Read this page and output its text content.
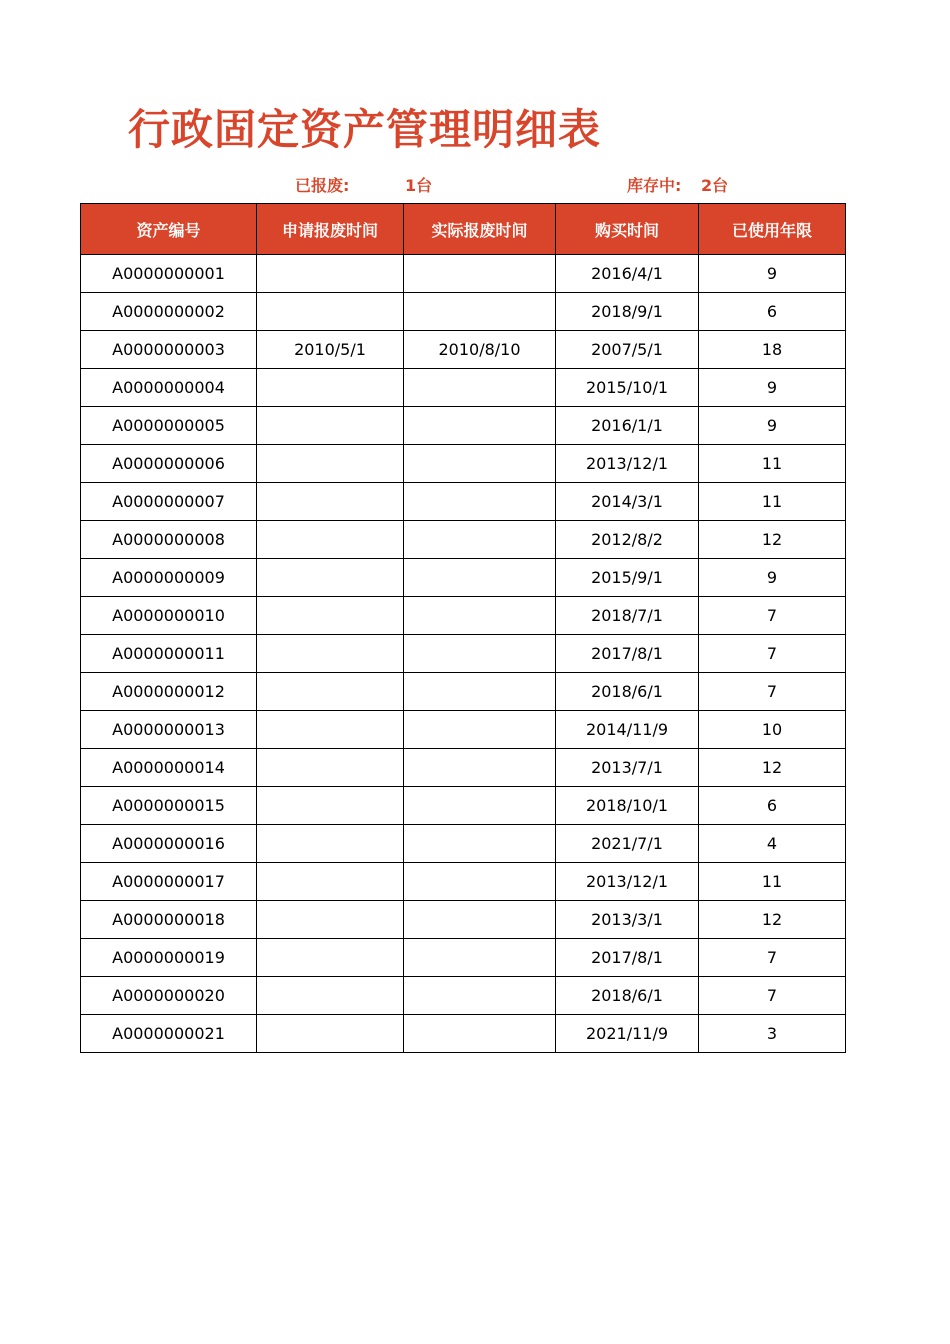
行政固定资产管理明细表
已报废:	1台	库存中: 2台
资产编号	申请报废时间	实际报废时间	购买时间	已使用年限
A0000000001			2016/4/1	9
A0000000002			2018/9/1	6
A0000000003	2010/5/1	2010/8/10	2007/5/1	18
A0000000004			2015/10/1	9
A0000000005			2016/1/1	9
A0000000006			2013/12/1	11
A0000000007			2014/3/1	11
A0000000008			2012/8/2	12
A0000000009			2015/9/1	9
A0000000010			2018/7/1	7
A0000000011			2017/8/1	7
A0000000012			2018/6/1	7
A0000000013			2014/11/9	10
A0000000014			2013/7/1	12
A0000000015			2018/10/1	6
A0000000016			2021/7/1	4
A0000000017			2013/12/1	11
A0000000018			2013/3/1	12
A0000000019			2017/8/1	7
A0000000020			2018/6/1	7
A0000000021			2021/11/9	3
